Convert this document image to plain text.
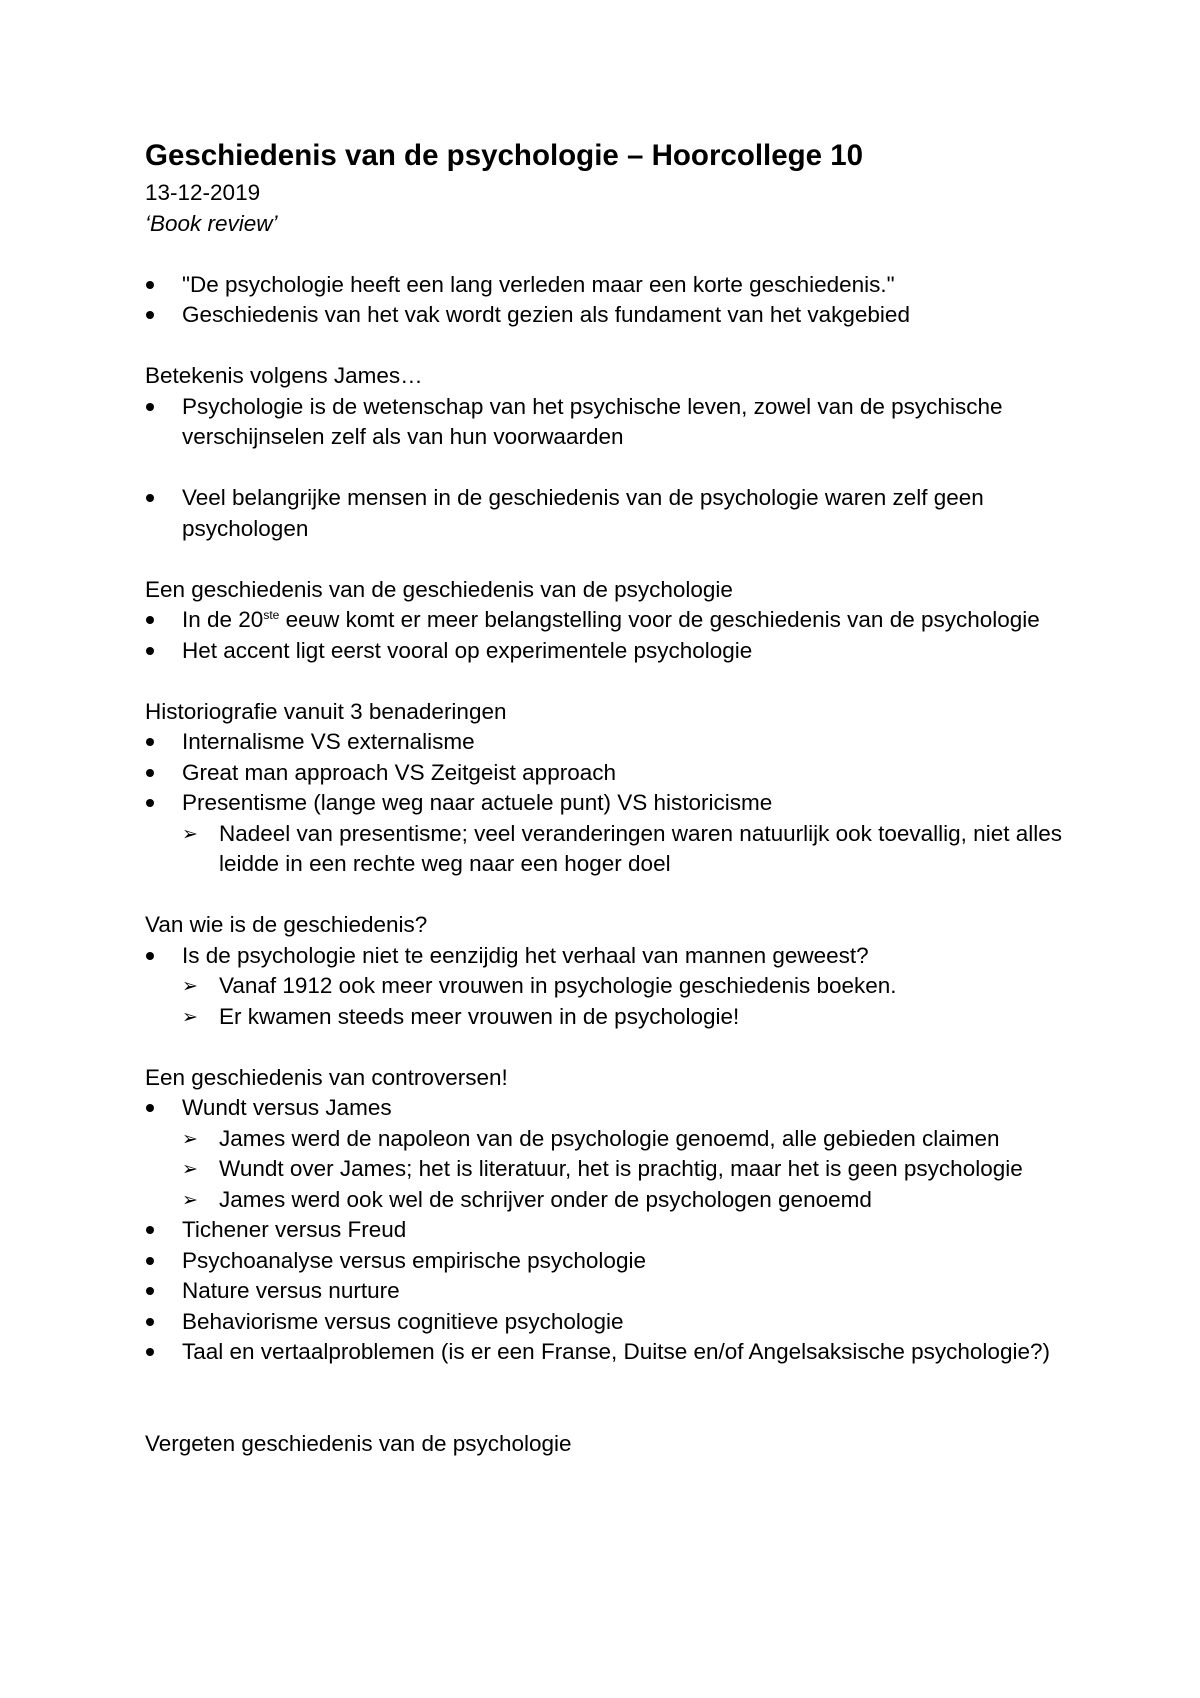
Geschiedenis van de psychologie – Hoorcollege 10

13-12-2019

‘Book review’

"De psychologie heeft een lang verleden maar een korte geschiedenis."
Geschiedenis van het vak wordt gezien als fundament van het vakgebied

Betekenis volgens James…

Psychologie is de wetenschap van het psychische leven, zowel van de psychische verschijnselen zelf als van hun voorwaarden
Veel belangrijke mensen in de geschiedenis van de psychologie waren zelf geen psychologen

Een geschiedenis van de geschiedenis van de psychologie

In de 20ste eeuw komt er meer belangstelling voor de geschiedenis van de psychologie
Het accent ligt eerst vooral op experimentele psychologie

Historiografie vanuit 3 benaderingen

Internalisme VS externalisme
Great man approach VS Zeitgeist approach
Presentisme (lange weg naar actuele punt) VS historicisme
➢ Nadeel van presentisme; veel veranderingen waren natuurlijk ook toevallig, niet alles leidde in een rechte weg naar een hoger doel

Van wie is de geschiedenis?

Is de psychologie niet te eenzijdig het verhaal van mannen geweest?
➢ Vanaf 1912 ook meer vrouwen in psychologie geschiedenis boeken.
➢ Er kwamen steeds meer vrouwen in de psychologie!

Een geschiedenis van controversen!

Wundt versus James
➢ James werd de napoleon van de psychologie genoemd, alle gebieden claimen
➢ Wundt over James; het is literatuur, het is prachtig, maar het is geen psychologie
➢ James werd ook wel de schrijver onder de psychologen genoemd
Tichener versus Freud
Psychoanalyse versus empirische psychologie
Nature versus nurture
Behaviorisme versus cognitieve psychologie
Taal en vertaalproblemen (is er een Franse, Duitse en/of Angelsaksische psychologie?)

Vergeten geschiedenis van de psychologie
